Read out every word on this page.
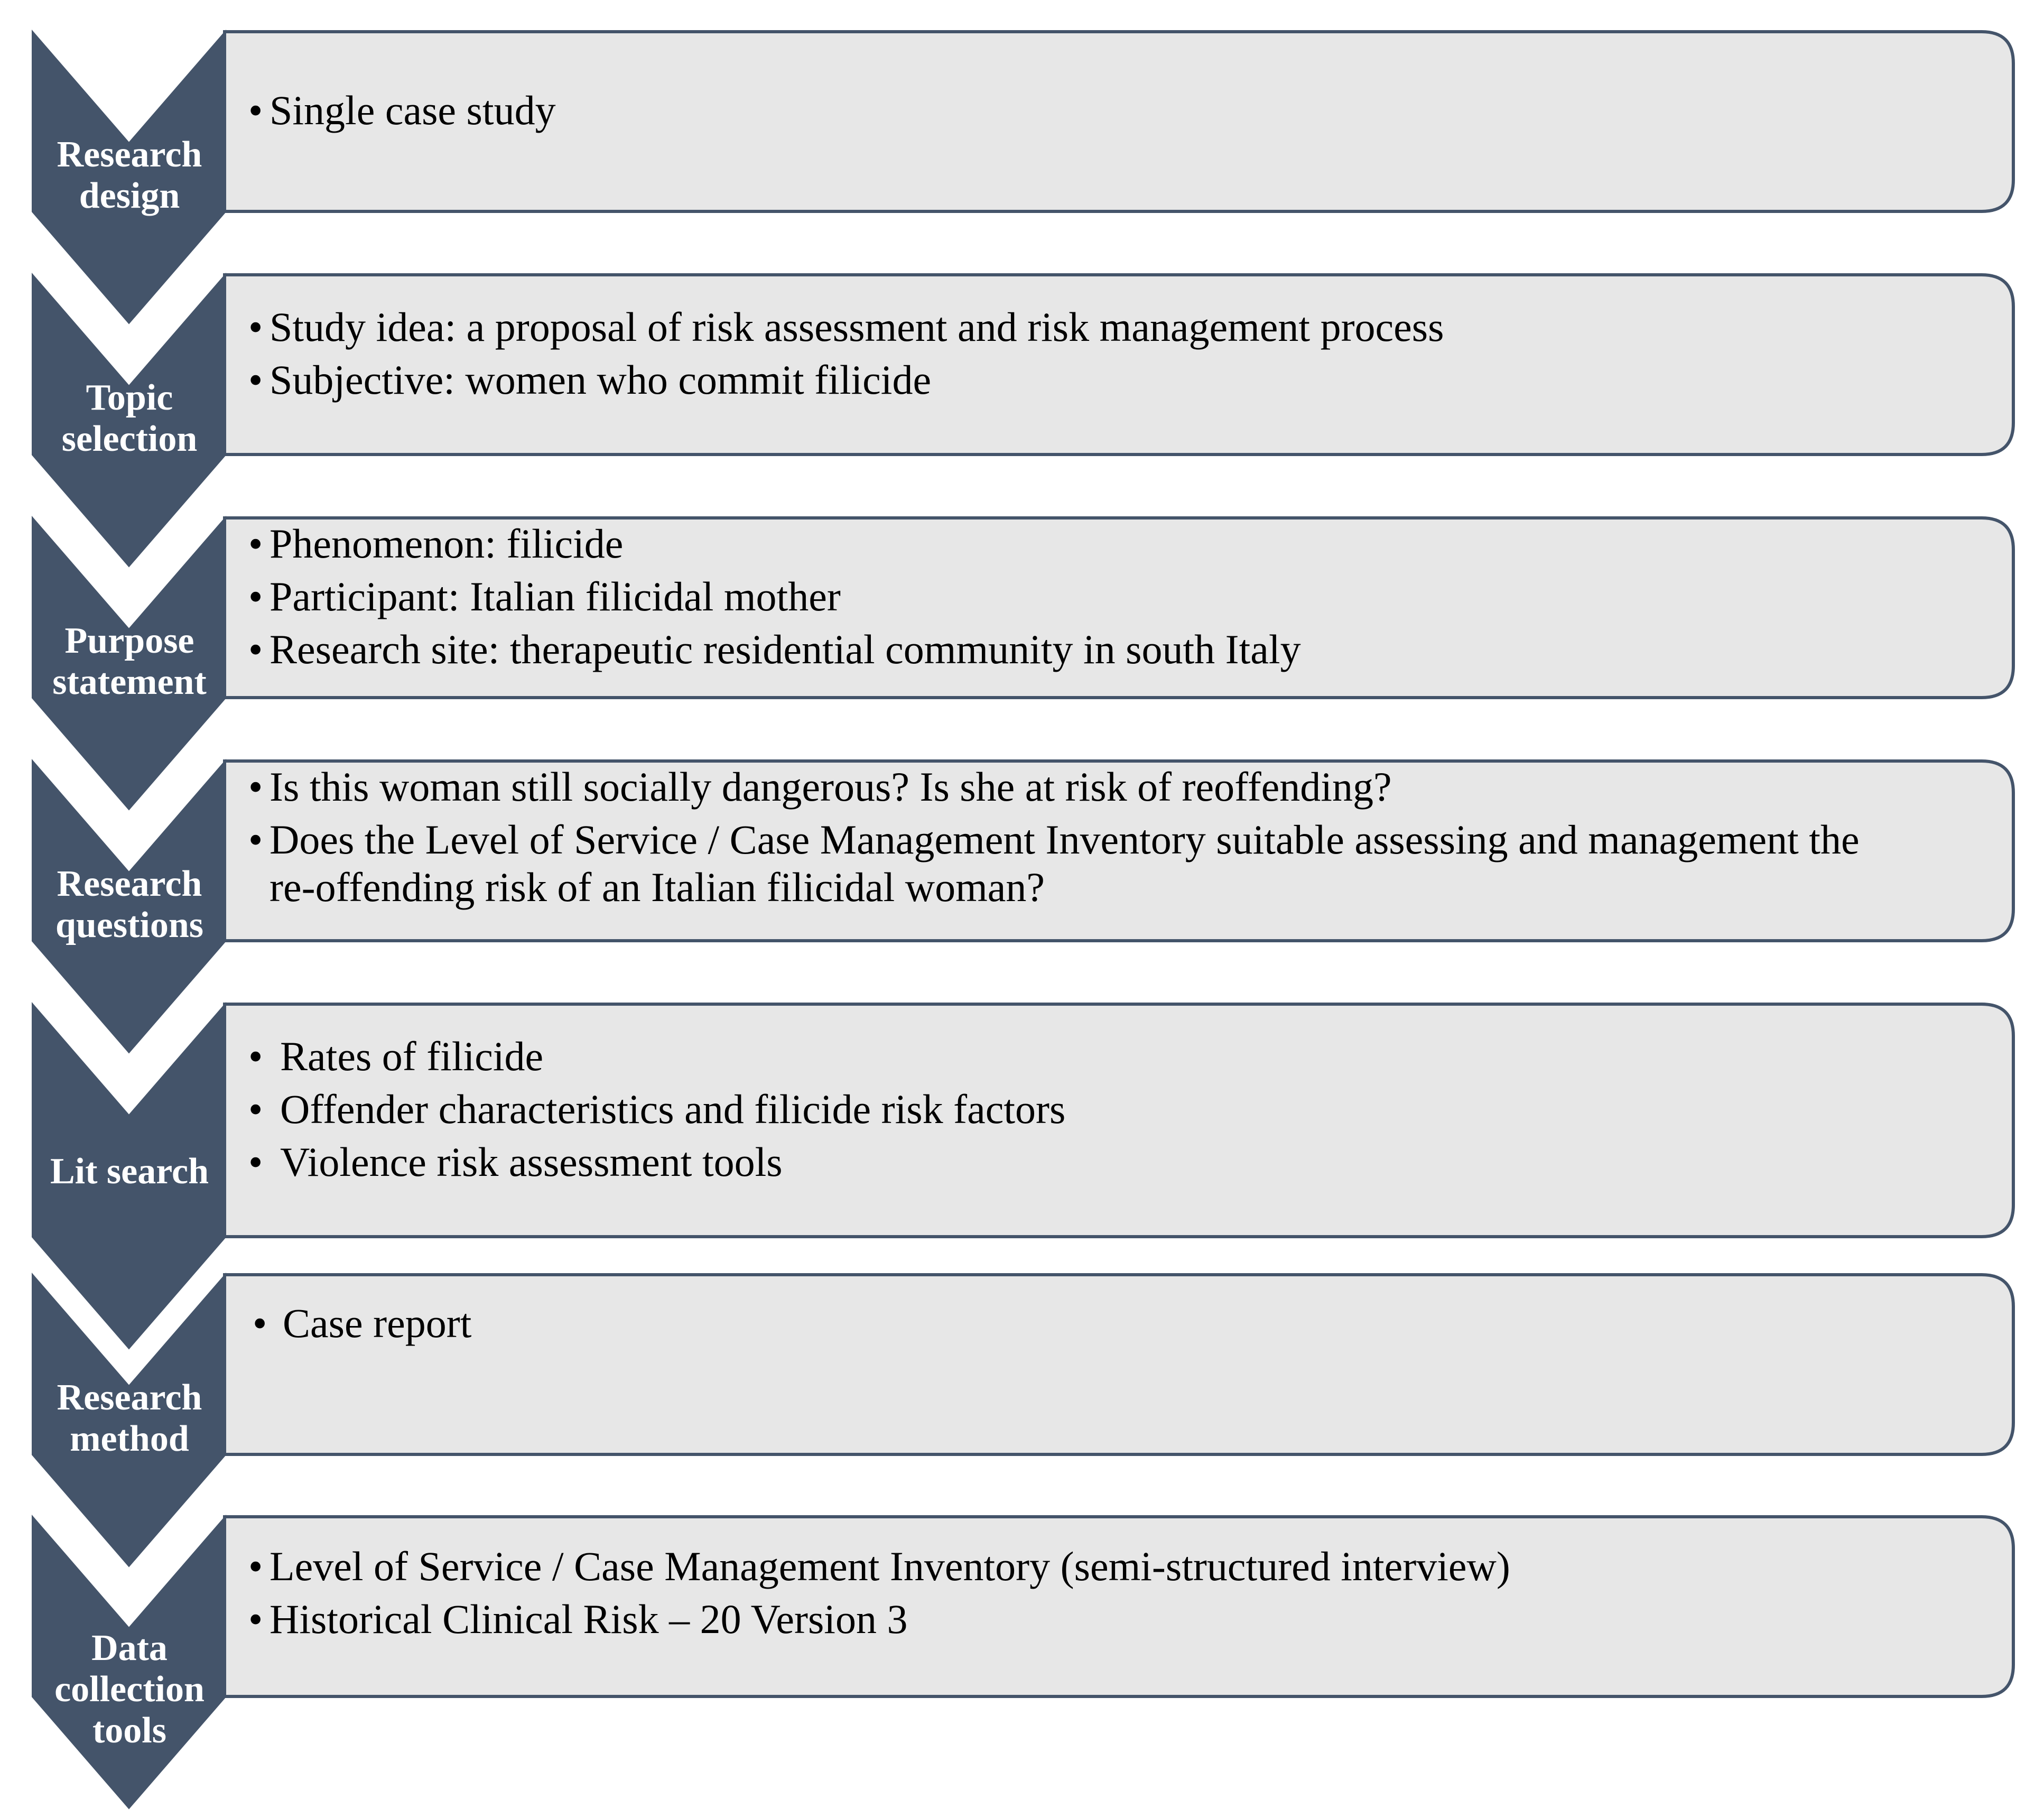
Research design
• Single case study
Topic selection
• Study idea: a proposal of risk assessment and risk management process
• Subjective: women who commit filicide
Purpose statement
• Phenomenon: filicide
• Participant: Italian filicidal mother
• Research site: therapeutic residential community in south Italy
Research questions
• Is this woman still socially dangerous? Is she at risk of reoffending?
• Does the Level of Service / Case Management Inventory suitable assessing and management the re-offending risk of an Italian filicidal woman?
Lit search
• Rates of filicide
• Offender characteristics and filicide risk factors
• Violence risk assessment tools
Research method
• Case report
Data collection tools
• Level of Service / Case Management Inventory (semi-structured interview)
• Historical Clinical Risk – 20 Version 3
